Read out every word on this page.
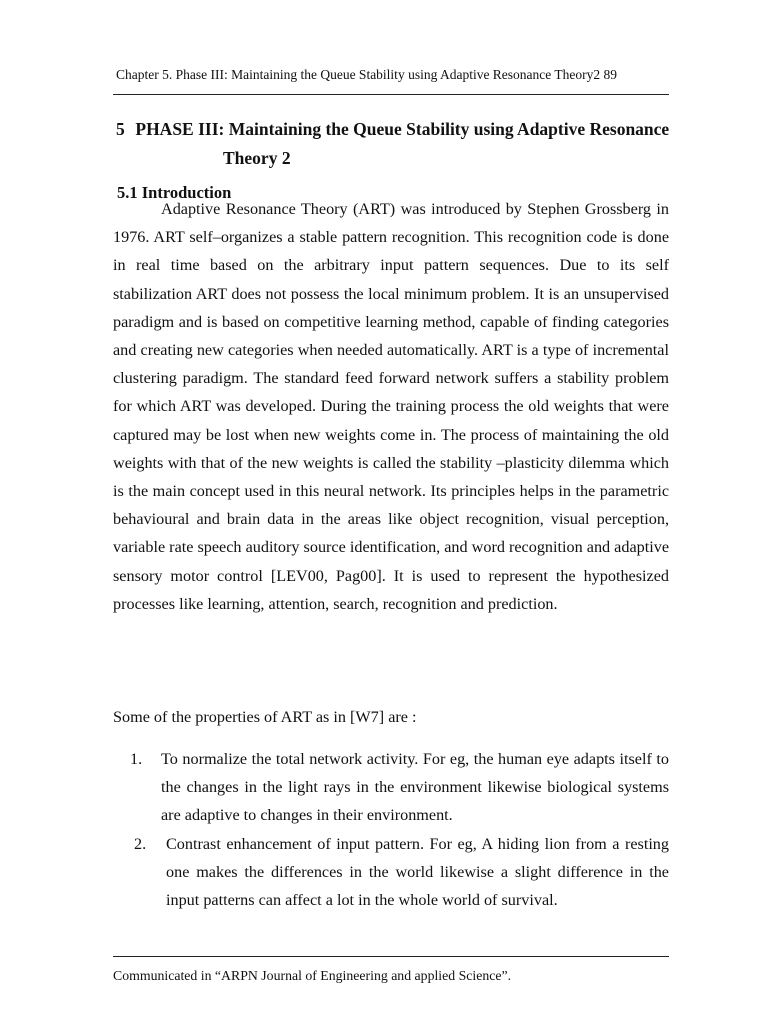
Chapter 5. Phase III: Maintaining the Queue Stability using Adaptive Resonance Theory2 89
5 PHASE III: Maintaining the Queue Stability using Adaptive Resonance
Theory 2
5.1 Introduction

Adaptive Resonance Theory (ART) was introduced by Stephen Grossberg in 1976. ART self–organizes a stable pattern recognition. This recognition code is done in real time based on the arbitrary input pattern sequences. Due to its self stabilization ART does not possess the local minimum problem. It is an unsupervised paradigm and is based on competitive learning method, capable of finding categories and creating new categories when needed automatically. ART is a type of incremental clustering paradigm. The standard feed forward network suffers a stability problem for which ART was developed. During the training process the old weights that were captured may be lost when new weights come in. The process of maintaining the old weights with that of the new weights is called the stability –plasticity dilemma which is the main concept used in this neural network. Its principles helps in the parametric behavioural and brain data in the areas like object recognition, visual perception, variable rate speech auditory source identification, and word recognition and adaptive sensory motor control [LEV00, Pag00]. It is used to represent the hypothesized processes like learning, attention, search, recognition and prediction.

Some of the properties of ART as in [W7] are :

1.	To normalize the total network activity. For eg, the human eye adapts itself to the changes in the light rays in the environment likewise biological systems are adaptive to changes in their environment.
2.	Contrast enhancement of input pattern. For eg, A hiding lion from a resting one makes the differences in the world likewise a slight difference in the input patterns can affect a lot in the whole world of survival.
Communicated in “ARPN Journal of Engineering and applied Science”.
